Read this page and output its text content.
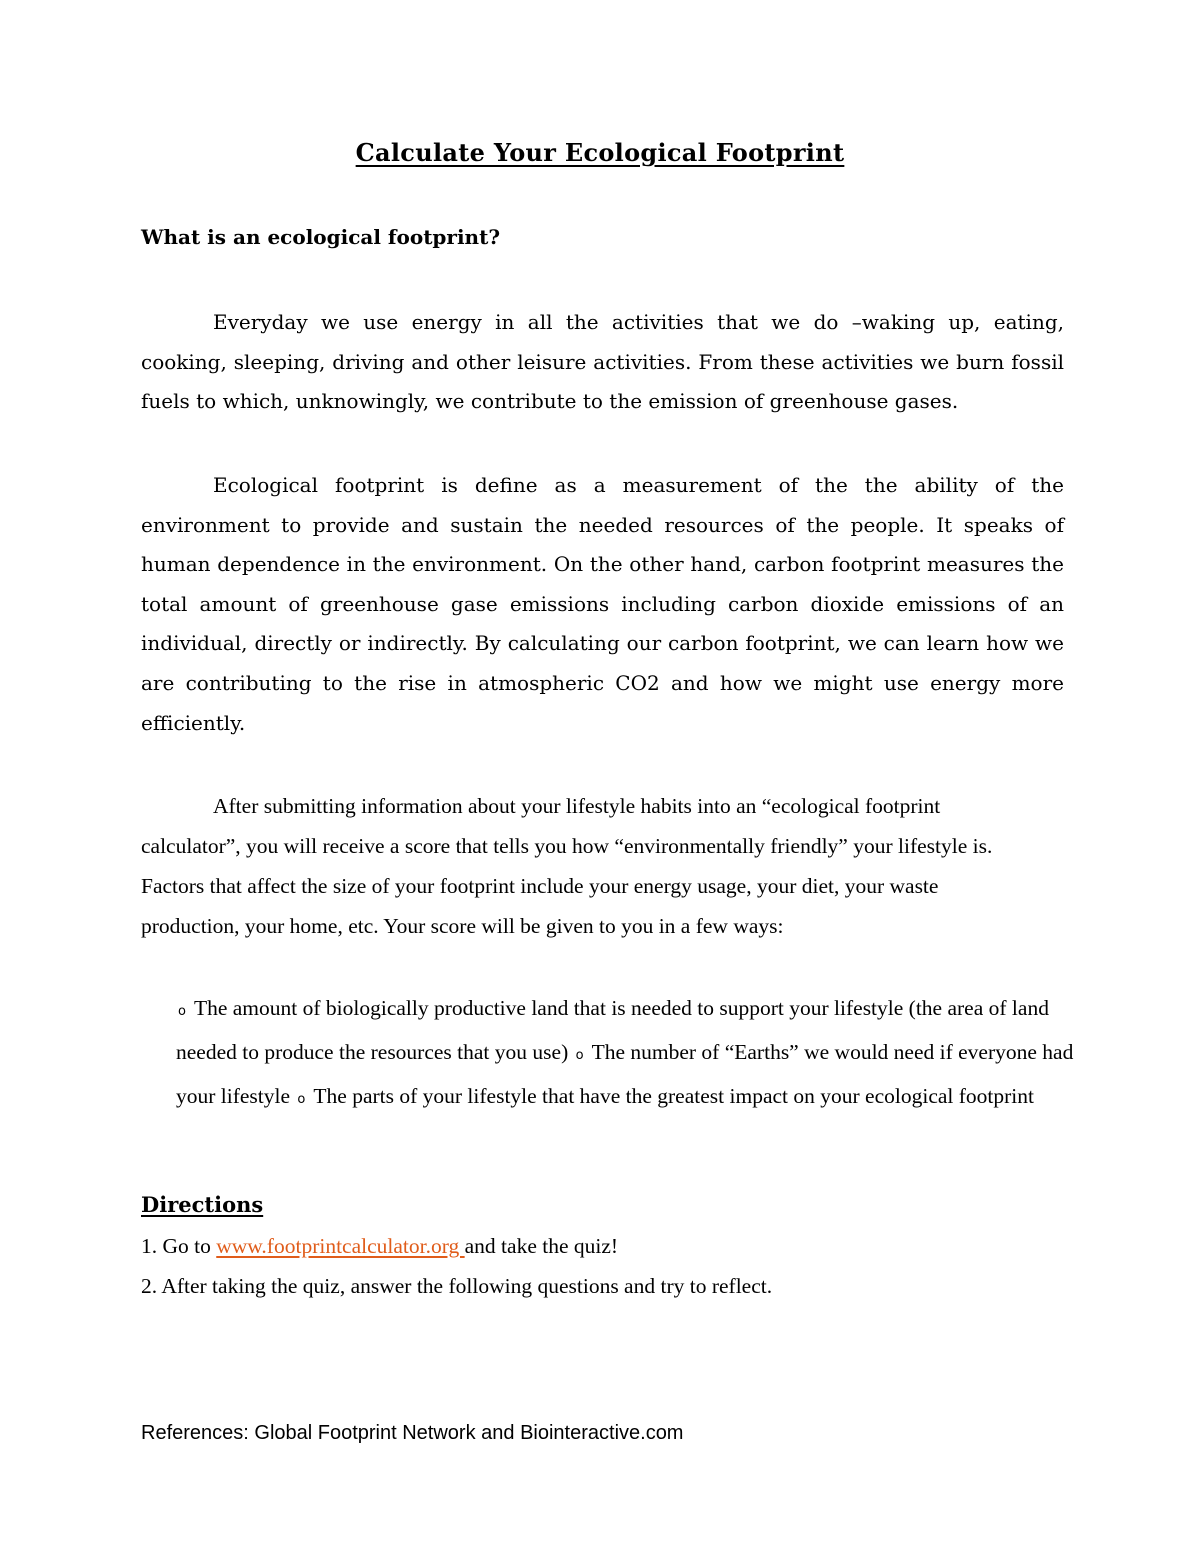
Calculate Your Ecological Footprint
What is an ecological footprint?

Everyday we use energy in all the activities that we do –waking up, eating, cooking, sleeping, driving and other leisure activities. From these activities we burn fossil fuels to which, unknowingly, we contribute to the emission of greenhouse gases.

Ecological footprint is define as a measurement of the the ability of the environment to provide and sustain the needed resources of the people. It speaks of human dependence in the environment. On the other hand, carbon footprint measures the total amount of greenhouse gase emissions including carbon dioxide emissions of an individual, directly or indirectly. By calculating our carbon footprint, we can learn how we are contributing to the rise in atmospheric CO2 and how we might use energy more efficiently.

After submitting information about your lifestyle habits into an “ecological footprint calculator”, you will receive a score that tells you how “environmentally friendly” your lifestyle is. Factors that affect the size of your footprint include your energy usage, your diet, your waste production, your home, etc. Your score will be given to you in a few ways:

o The amount of biologically productive land that is needed to support your lifestyle (the area of land needed to produce the resources that you use) o The number of “Earths” we would need if everyone had your lifestyle o The parts of your lifestyle that have the greatest impact on your ecological footprint

Directions

1. Go to www.footprintcalculator.org and take the quiz!

2. After taking the quiz, answer the following questions and try to reflect.

References: Global Footprint Network and Biointeractive.com
